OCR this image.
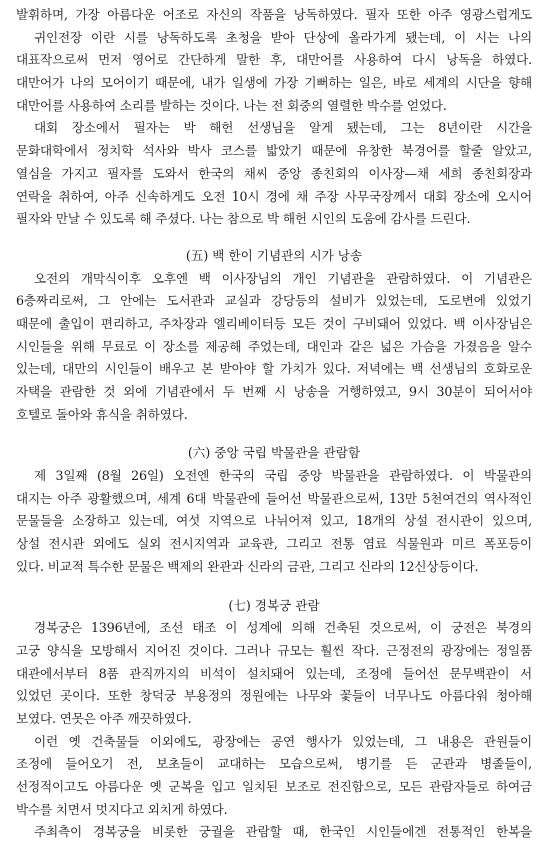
발휘하며, 가장 아름다운 어조로 자신의 작품을 낭독하였다. 필자 또한 아주 영광스럽게도
귀인전장 이란 시를 낭독하도록 초청을 받아 단상에 올라가게 됐는데, 이 시는 나의
대표작으로써 먼저 영어로 간단하게 말한 후, 대만어를 사용하여 다시 낭독을 하였다.
대만어가 나의 모어이기 때문에, 내가 일생에 가장 기뻐하는 일은, 바로 세계의 시단을 향해
대만어를 사용하여 소리를 발하는 것이다. 나는 전 회중의 열렬한 박수를 얻었다.
대회 장소에서 필자는 박 해헌 선생님을 알게 됐는데, 그는 8년이란 시간을
문화대학에서 정치학 석사와 박사 코스를 밟았기 때문에 유창한 북경어를 할줄 알았고,
열심을 가지고 필자를 도와서 한국의 채씨 중앙 종친회의 이사장—채 세희 종친회장과
연락을 취하여, 아주 신속하게도 오전 10시 경에 채 주장 사무국장께서 대회 장소에 오시어
필자와 만날 수 있도록 해 주셨다. 나는 참으로 박 해헌 시인의 도움에 감사를 드린다.
(五) 백 한이 기념관의 시가 낭송
오전의 개막식이후 오후엔 백 이사장님의 개인 기념관을 관람하였다. 이 기념관은
6층짜리로써, 그 안에는 도서관과 교실과 강당등의 설비가 있었는데, 도로변에 있었기
때문에 출입이 편리하고, 주차장과 엘리베이터등 모든 것이 구비돼어 있었다. 백 이사장님은
시인들을 위해 무료로 이 장소를 제공해 주었는데, 대인과 같은 넓은 가슴을 가졌음을 알수
있는데, 대만의 시인들이 배우고 본 받아야 할 가치가 있다. 저녁에는 백 선생님의 호화로운
자택을 관람한 것 외에 기념관에서 두 번째 시 낭송을 거행하였고, 9시 30분이 되어서야
호텔로 돌아와 휴식을 취하였다.
(六) 중앙 국립 박물관을 관람함
제 3일째 (8월 26일) 오전엔 한국의 국립 중앙 박물관을 관람하였다. 이 박물관의
대지는 아주 광활했으며, 세계 6대 박물관에 들어선 박물관으로써, 13만 5천여건의 역사적인
문물들을 소장하고 있는데, 여섯 지역으로 나뉘어져 있고, 18개의 상설 전시관이 있으며,
상설 전시관 외에도 실외 전시지역과 교육관, 그리고 전통 염료 식물원과 미르 폭포등이
있다. 비교적 특수한 문물은 백제의 완관과 신라의 금관, 그리고 신라의 12신상등이다.
(七) 경복궁 관람
경복궁은 1396년에, 조선 태조 이 성계에 의해 건축된 것으로써, 이 궁전은 북경의
고궁 양식을 모방해서 지어진 것이다. 그러나 규모는 훨씬 작다. 근정전의 광장에는 정일품
대관에서부터 8품 관직까지의 비석이 설치돼어 있는데, 조정에 들어선 문무백관이 서
있었던 곳이다. 또한 창덕궁 부용정의 정원에는 나무와 꽃들이 너무나도 아름다워 청아해
보였다. 연못은 아주 깨끗하였다.
이런 옛 건축물들 이외에도, 광장에는 공연 행사가 있었는데, 그 내용은 관원들이
조정에 들어오기 전, 보초들이 교대하는 모습으로써, 병기를 든 군관과 병졸들이,
선정적이고도 아름다운 옛 군복을 입고 일치된 보조로 전진함으로, 모든 관람자들로 하여금
박수를 치면서 멋지다고 외치게 하였다.
주최측이 경복궁을 비롯한 궁궐을 관람할 때, 한국인 시인들에겐 전통적인 한복을
